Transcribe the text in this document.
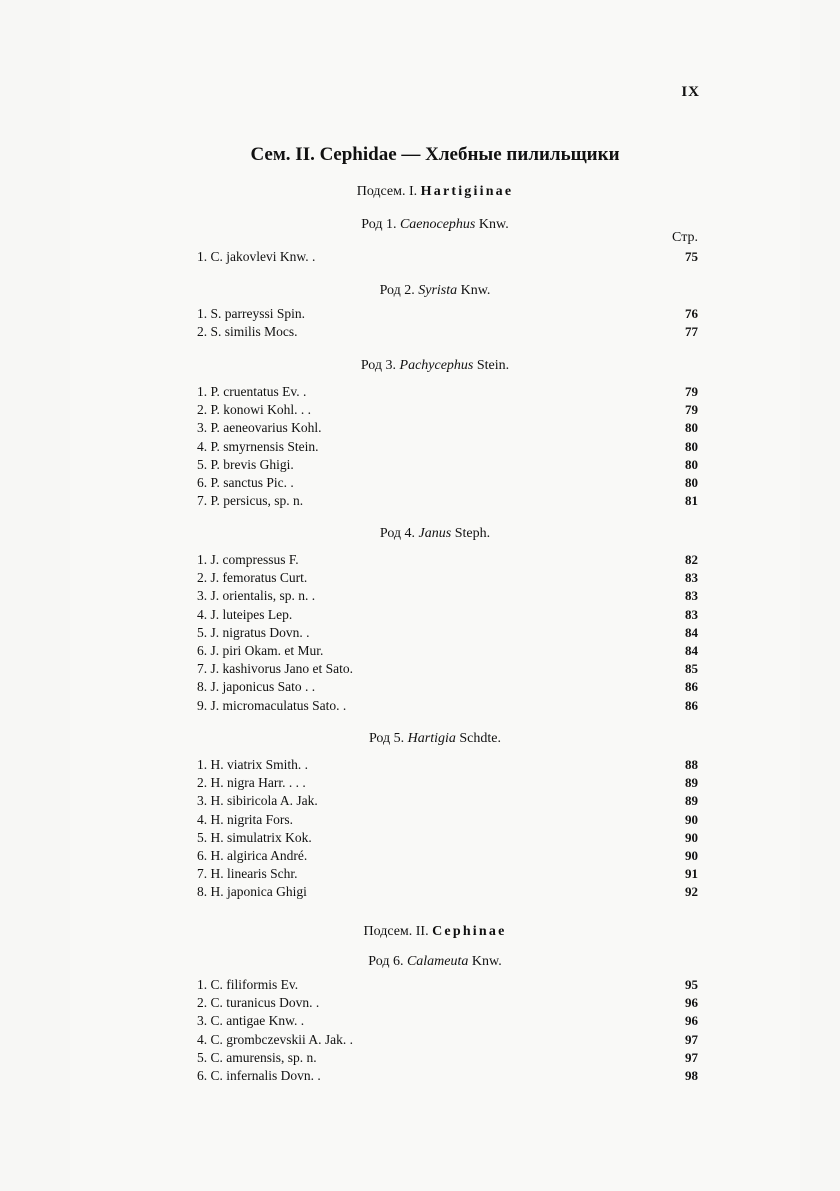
IX
Сем. II. Cephidae — Хлебные пилильщики
Стр.
Подсем. I. Hartigiinae
Род 1. Caenocephus Knw.
1. C. jakovlevi Knw. .	75
Род 2. Syrista Knw.
1. S. parreyssi Spin.	76
2. S. similis Mocs.	77
Род 3. Pachycephus Stein.
1. P. cruentatus Ev. .	79
2. P. konowi Kohl. . .	79
3. P. aeneovarius Kohl.	80
4. P. smyrnensis Stein.	80
5. P. brevis Ghigi.	80
6. P. sanctus Pic. .	80
7. P. persicus, sp. n.	81
Род 4. Janus Steph.
1. J. compressus F.	82
2. J. femoratus Curt.	83
3. J. orientalis, sp. n. .	83
4. J. luteipes Lep.	83
5. J. nigratus Dovn. .	84
6. J. piri Okam. et Mur.	84
7. J. kashivorus Jano et Sato.	85
8. J. japonicus Sato . .	86
9. J. micromaculatus Sato. .	86
Род 5. Hartigia Schdte.
1. H. viatrix Smith. .	88
2. H. nigra Harr. . . .	89
3. H. sibiricola A. Jak.	89
4. H. nigrita Fors.	90
5. H. simulatrix Kok.	90
6. H. algirica André.	90
7. H. linearis Schr.	91
8. H. japonica Ghigi	92
Подсем. II. Cephinae
Род 6. Calameuta Knw.
1. C. filiformis Ev.	95
2. C. turanicus Dovn. .	96
3. C. antigae Knw. .	96
4. C. grombczevskii A. Jak. .	97
5. C. amurensis, sp. n.	97
6. C. infernalis Dovn. .	98
